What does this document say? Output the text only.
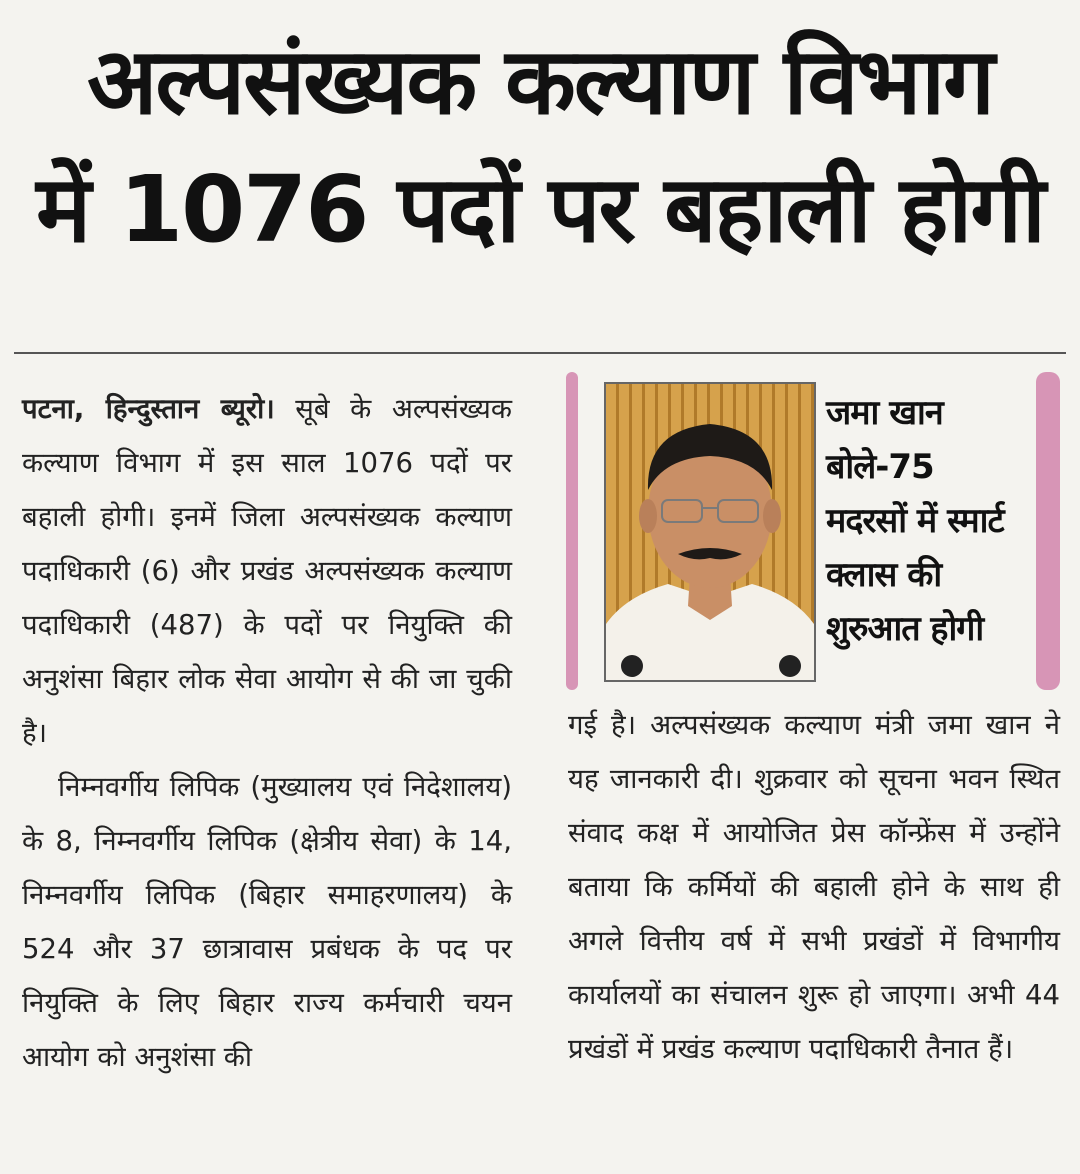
अल्पसंख्यक कल्याण विभाग
में 1076 पदों पर बहाली होगी

पटना, हिन्दुस्तान ब्यूरो। सूबे के अल्पसंख्यक कल्याण विभाग में इस साल 1076 पदों पर बहाली होगी। इनमें जिला अल्पसंख्यक कल्याण पदाधिकारी (6) और प्रखंड अल्पसंख्यक कल्याण पदाधिकारी (487) के पदों पर नियुक्ति की अनुशंसा बिहार लोक सेवा आयोग से की जा चुकी है।

निम्नवर्गीय लिपिक (मुख्यालय एवं निदेशालय) के 8, निम्नवर्गीय लिपिक (क्षेत्रीय सेवा) के 14, निम्नवर्गीय लिपिक (बिहार समाहरणालय) के 524 और 37 छात्रावास प्रबंधक के पद पर नियुक्ति के लिए बिहार राज्य कर्मचारी चयन आयोग को अनुशंसा की

जमा खान
बोले-75
मदरसों में स्मार्ट
क्लास की
शुरुआत होगी

गई है। अल्पसंख्यक कल्याण मंत्री जमा खान ने यह जानकारी दी। शुक्रवार को सूचना भवन स्थित संवाद कक्ष में आयोजित प्रेस कॉन्फ्रेंस में उन्होंने बताया कि कर्मियों की बहाली होने के साथ ही अगले वित्तीय वर्ष में सभी प्रखंडों में विभागीय कार्यालयों का संचालन शुरू हो जाएगा। अभी 44 प्रखंडों में प्रखंड कल्याण पदाधिकारी तैनात हैं।
